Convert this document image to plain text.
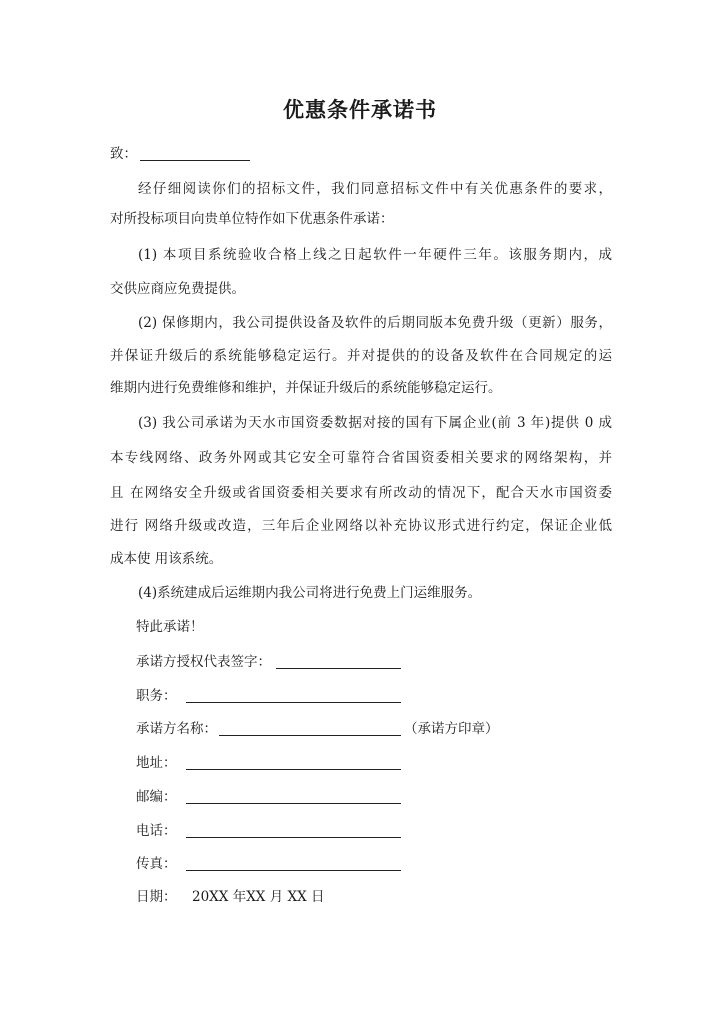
优惠条件承诺书
致：
经仔细阅读你们的招标文件，我们同意招标文件中有关优惠条件的要求，
对所投标项目向贵单位特作如下优惠条件承诺：
(1) 本项目系统验收合格上线之日起软件一年硬件三年。该服务期内，成
交供应商应免费提供。
(2) 保修期内，我公司提供设备及软件的后期同版本免费升级（更新）服务，
并保证升级后的系统能够稳定运行。并对提供的的设备及软件在合同规定的运
维期内进行免费维修和维护，并保证升级后的系统能够稳定运行。
(3) 我公司承诺为天水市国资委数据对接的国有下属企业(前 3 年)提供 0 成
本专线网络、政务外网或其它安全可靠符合省国资委相关要求的网络架构，并
且 在网络安全升级或省国资委相关要求有所改动的情况下，配合天水市国资委
进行 网络升级或改造，三年后企业网络以补充协议形式进行约定，保证企业低
成本使 用该系统。
(4)系统建成后运维期内我公司将进行免费上门运维服务。
特此承诺！
承诺方授权代表签字：
职务：
承诺方名称：	（承诺方印章）
地址：
邮编：
电话：
传真：
日期： 20XX 年XX 月 XX 日
